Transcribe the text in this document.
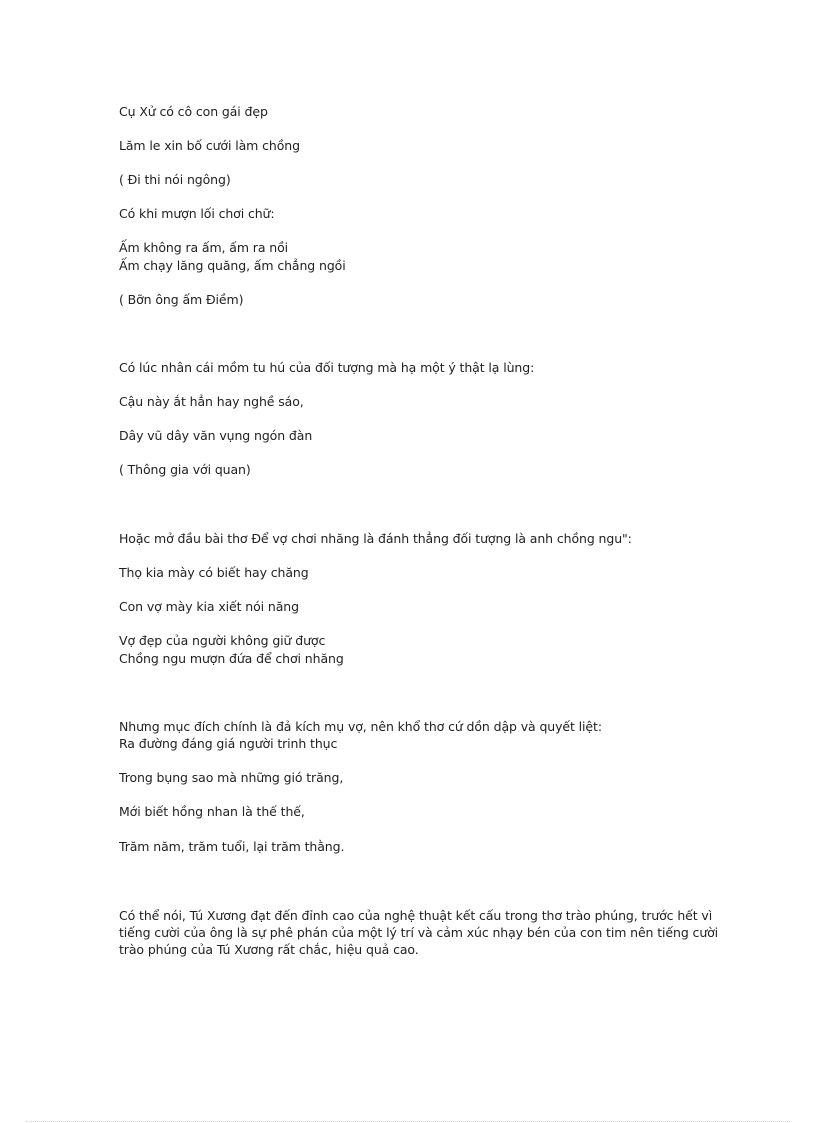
Cụ Xử có cô con gái đẹp
Lăm le xin bố cưới làm chồng
( Đi thi nói ngông)
Có khi mượn lối chơi chữ:
Ấm không ra ấm, ấm ra nồi
Ấm chạy lăng quăng, ấm chẳng ngồi
( Bỡn ông ấm Điềm)
Có lúc nhân cái mồm tu hú của đối tượng mà hạ một ý thật lạ lùng:
Cậu này ắt hẳn hay nghề sáo,
Dây vũ dây văn vụng ngón đàn
( Thông gia với quan)
Hoặc mở đầu bài thơ Để vợ chơi nhăng là đánh thẳng đối tượng là anh chồng ngu":
Thọ kia mày có biết hay chăng
Con vợ mày kia xiết nói năng
Vợ đẹp của người không giữ được
Chồng ngu mượn đứa để chơi nhăng
Nhưng mục đích chính là đả kích mụ vợ, nên khổ thơ cứ dồn dập và quyết liệt:
Ra đường đáng giá người trinh thục
Trong bụng sao mà những gió trăng,
Mới biết hồng nhan là thế thế,
Trăm năm, trăm tuổi, lại trăm thằng.
Có thể nói, Tú Xương đạt đến đỉnh cao của nghệ thuật kết cấu trong thơ trào phúng, trước hết vì
tiếng cười của ông là sự phê phán của một lý trí và cảm xúc nhạy bén của con tim nên tiếng cười
trào phúng của Tú Xương rất chắc, hiệu quả cao.
